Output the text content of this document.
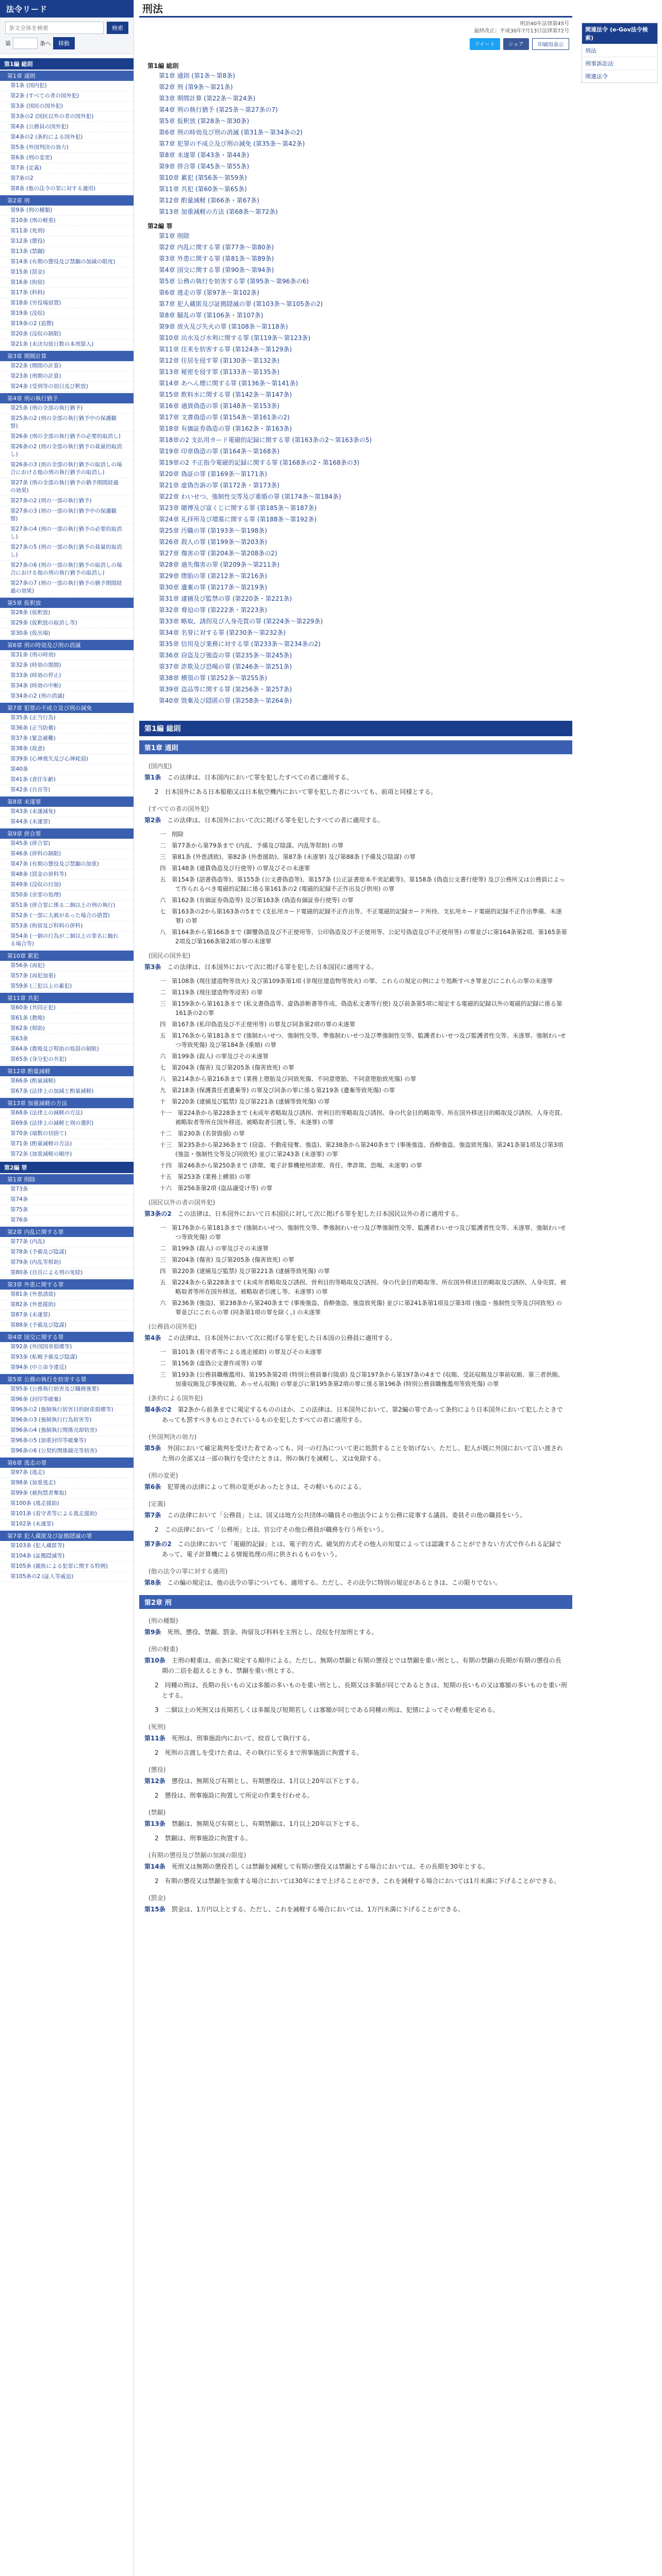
法令リード
条文全体を検索
検索
第	条へ	移動
第1編 総則
第1章 通則
第1条 (国内犯)
第2条 (すべての者の国外犯)
第3条 (国民の国外犯)
第3条の2 (国民以外の者の国外犯)
第4条 (公務員の国外犯)
第4条の2 (条約による国外犯)
第5条 (外国判決の効力)
第6条 (刑の変更)
第7条 (定義)
第7条の2
第8条 (他の法令の罪に対する適用)
第2章 刑
第9条 (刑の種類)
第10条 (刑の軽重)
第11条 (死刑)
第12条 (懲役)
第13条 (禁錮)
第14条 (有期の懲役及び禁錮の加減の限度)
第15条 (罰金)
第16条 (拘留)
第17条 (科料)
第18条 (労役場留置)
第19条 (没収)
第19条の2 (追徴)
第20条 (没収の制限)
第21条 (未決勾留日数の本刑算入)
第3章 期間計算
第22条 (期間の計算)
第23条 (刑期の計算)
第24条 (受刑等の初日及び釈放)
第4章 刑の執行猶予
第25条 (刑の全部の執行猶予)
第25条の2 (刑の全部の執行猶予中の保護観察)
第26条 (刑の全部の執行猶予の必要的取消し)
第26条の2 (刑の全部の執行猶予の裁量的取消し)
第26条の3 (刑の全部の執行猶予の取消しの場合における他の刑の執行猶予の取消し)
第27条 (刑の全部の執行猶予の猶予期間経過の効果)
第27条の2 (刑の一部の執行猶予)
第27条の3 (刑の一部の執行猶予中の保護観察)
第27条の4 (刑の一部の執行猶予の必要的取消し)
第27条の5 (刑の一部の執行猶予の裁量的取消し)
第27条の6 (刑の一部の執行猶予の取消しの場合における他の刑の執行猶予の取消し)
第27条の7 (刑の一部の執行猶予の猶予期間経過の効果)
第5章 仮釈放
第28条 (仮釈放)
第29条 (仮釈放の取消し等)
第30条 (仮出場)
第6章 刑の時効及び刑の消滅
第31条 (刑の時効)
第32条 (時効の期間)
第33条 (時効の停止)
第34条 (時効の中断)
第34条の2 (刑の消滅)
第7章 犯罪の不成立及び刑の減免
第35条 (正当行為)
第36条 (正当防衛)
第37条 (緊急避難)
第38条 (故意)
第39条 (心神喪失及び心神耗弱)
第40条
第41条 (責任年齢)
第42条 (自首等)
第8章 未遂罪
第43条 (未遂減免)
第44条 (未遂罪)
第9章 併合罪
第45条 (併合罪)
第46条 (併科の制限)
第47条 (有期の懲役及び禁錮の加重)
第48条 (罰金の併科等)
第49条 (没収の付加)
第50条 (余罪の処理)
第51条 (併合罪に係る二個以上の刑の執行)
第52条 (一部に大赦があった場合の措置)
第53条 (拘留及び科料の併科)
第54条 (一個の行為が二個以上の罪名に触れる場合等)
第10章 累犯
第56条 (再犯)
第57条 (再犯加重)
第59条 (三犯以上の累犯)
第11章 共犯
第60条 (共同正犯)
第61条 (教唆)
第62条 (幇助)
第63条
第64条 (教唆及び幇助の処罰の制限)
第65条 (身分犯の共犯)
第12章 酌量減軽
第66条 (酌量減軽)
第67条 (法律上の加減と酌量減軽)
第13章 加重減軽の方法
第68条 (法律上の減軽の方法)
第69条 (法律上の減軽と刑の選択)
第70条 (端数の切捨て)
第71条 (酌量減軽の方法)
第72条 (加重減軽の順序)
第2編 罪
第1章 削除
第73条
第74条
第75条
第76条
第2章 内乱に関する罪
第77条 (内乱)
第78条 (予備及び陰謀)
第79条 (内乱等幇助)
第80条 (自首による刑の免除)
第3章 外患に関する罪
第81条 (外患誘致)
第82条 (外患援助)
第87条 (未遂罪)
第88条 (予備及び陰謀)
第4章 国交に関する罪
第92条 (外国国章損壊等)
第93条 (私戦予備及び陰謀)
第94条 (中立命令違反)
第5章 公務の執行を妨害する罪
第95条 (公務執行妨害及び職務強要)
第96条 (封印等破棄)
第96条の2 (強制執行妨害目的財産損壊等)
第96条の3 (強制執行行為妨害等)
第96条の4 (強制執行関係売却妨害)
第96条の5 (加重封印等破棄等)
第96条の6 (公契約関係競売等妨害)
第6章 逃走の罪
第97条 (逃走)
第98条 (加重逃走)
第99条 (被拘禁者奪取)
第100条 (逃走援助)
第101条 (看守者等による逃走援助)
第102条 (未遂罪)
第7章 犯人蔵匿及び証拠隠滅の罪
第103条 (犯人蔵匿等)
第104条 (証拠隠滅等)
第105条 (親族による犯罪に関する特例)
第105条の2 (証人等威迫)
刑法
明治40年法律第45号
最終改正：平成30年7月13日法律第72号
ツイート	シェア	印刷用表示
第1編 総則
第1章 通則 (第1条～第8条)
第2章 刑 (第9条～第21条)
第3章 期間計算 (第22条～第24条)
第4章 刑の執行猶予 (第25条～第27条の7)
第5章 仮釈放 (第28条～第30条)
第6章 刑の時効及び刑の消滅 (第31条～第34条の2)
第7章 犯罪の不成立及び刑の減免 (第35条～第42条)
第8章 未遂罪 (第43条・第44条)
第9章 併合罪 (第45条～第55条)
第10章 累犯 (第56条～第59条)
第11章 共犯 (第60条～第65条)
第12章 酌量減軽 (第66条・第67条)
第13章 加重減軽の方法 (第68条～第72条)
第2編 罪
第1章 削除
第2章 内乱に関する罪 (第77条～第80条)
第3章 外患に関する罪 (第81条～第89条)
第4章 国交に関する罪 (第90条～第94条)
第5章 公務の執行を妨害する罪 (第95条～第96条の6)
第6章 逃走の罪 (第97条～第102条)
第7章 犯人蔵匿及び証拠隠滅の罪 (第103条～第105条の2)
第8章 騒乱の罪 (第106条・第107条)
第9章 放火及び失火の罪 (第108条～第118条)
第10章 出水及び水利に関する罪 (第119条～第123条)
第11章 往来を妨害する罪 (第124条～第129条)
第12章 住居を侵す罪 (第130条～第132条)
第13章 秘密を侵す罪 (第133条～第135条)
第14章 あへん煙に関する罪 (第136条～第141条)
第15章 飲料水に関する罪 (第142条～第147条)
第16章 通貨偽造の罪 (第148条～第153条)
第17章 文書偽造の罪 (第154条～第161条の2)
第18章 有価証券偽造の罪 (第162条・第163条)
第18章の2 支払用カード電磁的記録に関する罪 (第163条の2～第163条の5)
第19章 印章偽造の罪 (第164条～第168条)
第19章の2 不正指令電磁的記録に関する罪 (第168条の2・第168条の3)
第20章 偽証の罪 (第169条～第171条)
第21章 虚偽告訴の罪 (第172条・第173条)
第22章 わいせつ、強制性交等及び重婚の罪 (第174条～第184条)
第23章 賭博及び富くじに関する罪 (第185条～第187条)
第24章 礼拝所及び墳墓に関する罪 (第188条～第192条)
第25章 汚職の罪 (第193条～第198条)
第26章 殺人の罪 (第199条～第203条)
第27章 傷害の罪 (第204条～第208条の2)
第28章 過失傷害の罪 (第209条～第211条)
第29章 堕胎の罪 (第212条～第216条)
第30章 遺棄の罪 (第217条～第219条)
第31章 逮捕及び監禁の罪 (第220条・第221条)
第32章 脅迫の罪 (第222条・第223条)
第33章 略取、誘拐及び人身売買の罪 (第224条～第229条)
第34章 名誉に対する罪 (第230条～第232条)
第35章 信用及び業務に対する罪 (第233条～第234条の2)
第36章 窃盗及び強盗の罪 (第235条～第245条)
第37章 詐欺及び恐喝の罪 (第246条～第251条)
第38章 横領の罪 (第252条～第255条)
第39章 盗品等に関する罪 (第256条・第257条)
第40章 毀棄及び隠匿の罪 (第258条～第264条)
第1編 総則
第1章 通則
(国内犯)
第1条　 この法律は、日本国内において罪を犯したすべての者に適用する。
2　日本国外にある日本船舶又は日本航空機内において罪を犯した者についても、前項と同様とする。
(すべての者の国外犯)
第2条　 この法律は、日本国外において次に掲げる罪を犯したすべての者に適用する。
一　削除
二　第77条から第79条まで (内乱、予備及び陰謀、内乱等幇助) の罪
三　第81条 (外患誘致)、第82条 (外患援助)、第87条 (未遂罪) 及び第88条 (予備及び陰謀) の罪
四　第148条 (通貨偽造及び行使等) の罪及びその未遂罪
五　第154条 (詔書偽造等)、第155条 (公文書偽造等)、第157条 (公正証書原本不実記載等)、第158条 (偽造公文書行使等) 及び公務所又は公務員によって作られるべき電磁的記録に係る第161条の2 (電磁的記録不正作出及び供用) の罪
六　第162条 (有価証券偽造等) 及び第163条 (偽造有価証券行使等) の罪
七　第163条の2から第163条の5まで (支払用カード電磁的記録不正作出等、不正電磁的記録カード所持、支払用カード電磁的記録不正作出準備、未遂罪) の罪
八　第164条から第166条まで (御璽偽造及び不正使用等、公印偽造及び不正使用等、公記号偽造及び不正使用等) の罪並びに第164条第2項、第165条第2項及び第166条第2項の罪の未遂罪
(国民の国外犯)
第3条　 この法律は、日本国外において次に掲げる罪を犯した日本国民に適用する。
一　第108条 (現住建造物等放火) 及び第109条第1項 (非現住建造物等放火) の罪、これらの規定の例により処断すべき罪並びにこれらの罪の未遂罪
二　第119条 (現住建造物等浸害) の罪
三　第159条から第161条まで (私文書偽造等、虚偽診断書等作成、偽造私文書等行使) 及び前条第5項に規定する電磁的記録以外の電磁的記録に係る第161条の2の罪
四　第167条 (私印偽造及び不正使用等) の罪及び同条第2項の罪の未遂罪
五　第176条から第181条まで (強制わいせつ、強制性交等、準強制わいせつ及び準強制性交等、監護者わいせつ及び監護者性交等、未遂罪、強制わいせつ等致死傷) 及び第184条 (重婚) の罪
六　第199条 (殺人) の罪及びその未遂罪
七　第204条 (傷害) 及び第205条 (傷害致死) の罪
八　第214条から第216条まで (業務上堕胎及び同致死傷、不同意堕胎、不同意堕胎致死傷) の罪
九　第218条 (保護責任者遺棄等) の罪及び同条の罪に係る第219条 (遺棄等致死傷) の罪
十　第220条 (逮捕及び監禁) 及び第221条 (逮捕等致死傷) の罪
十一　第224条から第228条まで (未成年者略取及び誘拐、営利目的等略取及び誘拐、身の代金目的略取等、所在国外移送目的略取及び誘拐、人身売買、被略取者等所在国外移送、被略取者引渡し等、未遂罪) の罪
十二　第230条 (名誉毀損) の罪
十三　第235条から第236条まで (窃盗、不動産侵奪、強盗)、第238条から第240条まで (事後強盗、昏酔強盗、強盗致死傷)、第241条第1項及び第3項 (強盗・強制性交等及び同致死) 並びに第243条 (未遂罪) の罪
十四　第246条から第250条まで (詐欺、電子計算機使用詐欺、背任、準詐欺、恐喝、未遂罪) の罪
十五　第253条 (業務上横領) の罪
十六　第256条第2項 (盗品譲受け等) の罪
(国民以外の者の国外犯)
第3条の2　 この法律は、日本国外において日本国民に対して次に掲げる罪を犯した日本国民以外の者に適用する。
一　第176条から第181条まで (強制わいせつ、強制性交等、準強制わいせつ及び準強制性交等、監護者わいせつ及び監護者性交等、未遂罪、強制わいせつ等致死傷) の罪
二　第199条 (殺人) の罪及びその未遂罪
三　第204条 (傷害) 及び第205条 (傷害致死) の罪
四　第220条 (逮捕及び監禁) 及び第221条 (逮捕等致死傷) の罪
五　第224条から第228条まで (未成年者略取及び誘拐、営利目的等略取及び誘拐、身の代金目的略取等、所在国外移送目的略取及び誘拐、人身売買、被略取者等所在国外移送、被略取者引渡し等、未遂罪) の罪
六　第236条 (強盗)、第238条から第240条まで (事後強盗、昏酔強盗、強盗致死傷) 並びに第241条第1項及び第3項 (強盗・強制性交等及び同致死) の罪並びにこれらの罪 (同条第1項の罪を除く。) の未遂罪
(公務員の国外犯)
第4条　 この法律は、日本国外において次に掲げる罪を犯した日本国の公務員に適用する。
一　第101条 (看守者等による逃走援助) の罪及びその未遂罪
二　第156条 (虚偽公文書作成等) の罪
三　第193条 (公務員職権濫用)、第195条第2項 (特別公務員暴行陵虐) 及び第197条から第197条の4まで (収賄、受託収賄及び事前収賄、第三者供賄、加重収賄及び事後収賄、あっせん収賄) の罪並びに第195条第2項の罪に係る第196条 (特別公務員職権濫用等致死傷) の罪
(条約による国外犯)
第4条の2　 第2条から前条までに規定するもののほか、この法律は、日本国外において、第2編の罪であって条約により日本国外において犯したときであっても罰すべきものとされているものを犯したすべての者に適用する。
(外国判決の効力)
第5条　 外国において確定裁判を受けた者であっても、同一の行為について更に処罰することを妨げない。ただし、犯人が既に外国において言い渡された刑の全部又は一部の執行を受けたときは、刑の執行を減軽し、又は免除する。
(刑の変更)
第6条　 犯罪後の法律によって刑の変更があったときは、その軽いものによる。
(定義)
第7条　 この法律において「公務員」とは、国又は地方公共団体の職員その他法令により公務に従事する議員、委員その他の職員をいう。
2　この法律において「公務所」とは、官公庁その他公務員が職務を行う所をいう。
第7条の2　 この法律において「電磁的記録」とは、電子的方式、磁気的方式その他人の知覚によっては認識することができない方式で作られる記録であって、電子計算機による情報処理の用に供されるものをいう。
(他の法令の罪に対する適用)
第8条　 この編の規定は、他の法令の罪についても、適用する。ただし、その法令に特別の規定があるときは、この限りでない。
第2章 刑
(刑の種類)
第9条　 死刑、懲役、禁錮、罰金、拘留及び科料を主刑とし、没収を付加刑とする。
(刑の軽重)
第10条　 主刑の軽重は、前条に規定する順序による。ただし、無期の禁錮と有期の懲役とでは禁錮を重い刑とし、有期の禁錮の長期が有期の懲役の長期の二倍を超えるときも、禁錮を重い刑とする。
2　同種の刑は、長期の長いもの又は多額の多いものを重い刑とし、長期又は多額が同じであるときは、短期の長いもの又は寡額の多いものを重い刑とする。
3　二個以上の死刑又は長期若しくは多額及び短期若しくは寡額が同じである同種の刑は、犯情によってその軽重を定める。
(死刑)
第11条　 死刑は、刑事施設内において、絞首して執行する。
2　死刑の言渡しを受けた者は、その執行に至るまで刑事施設に拘置する。
(懲役)
第12条　 懲役は、無期及び有期とし、有期懲役は、1月以上20年以下とする。
2　懲役は、刑事施設に拘置して所定の作業を行わせる。
(禁錮)
第13条　 禁錮は、無期及び有期とし、有期禁錮は、1月以上20年以下とする。
2　禁錮は、刑事施設に拘置する。
(有期の懲役及び禁錮の加減の限度)
第14条　 死刑又は無期の懲役若しくは禁錮を減軽して有期の懲役又は禁錮とする場合においては、その長期を30年とする。
2　有期の懲役又は禁錮を加重する場合においては30年にまで上げることができ、これを減軽する場合においては1月未満に下げることができる。
(罰金)
第15条　 罰金は、1万円以上とする。ただし、これを減軽する場合においては、1万円未満に下げることができる。
関連法令 (e-Gov法令検索)
刑法
刑事訴訟法
関連法令
